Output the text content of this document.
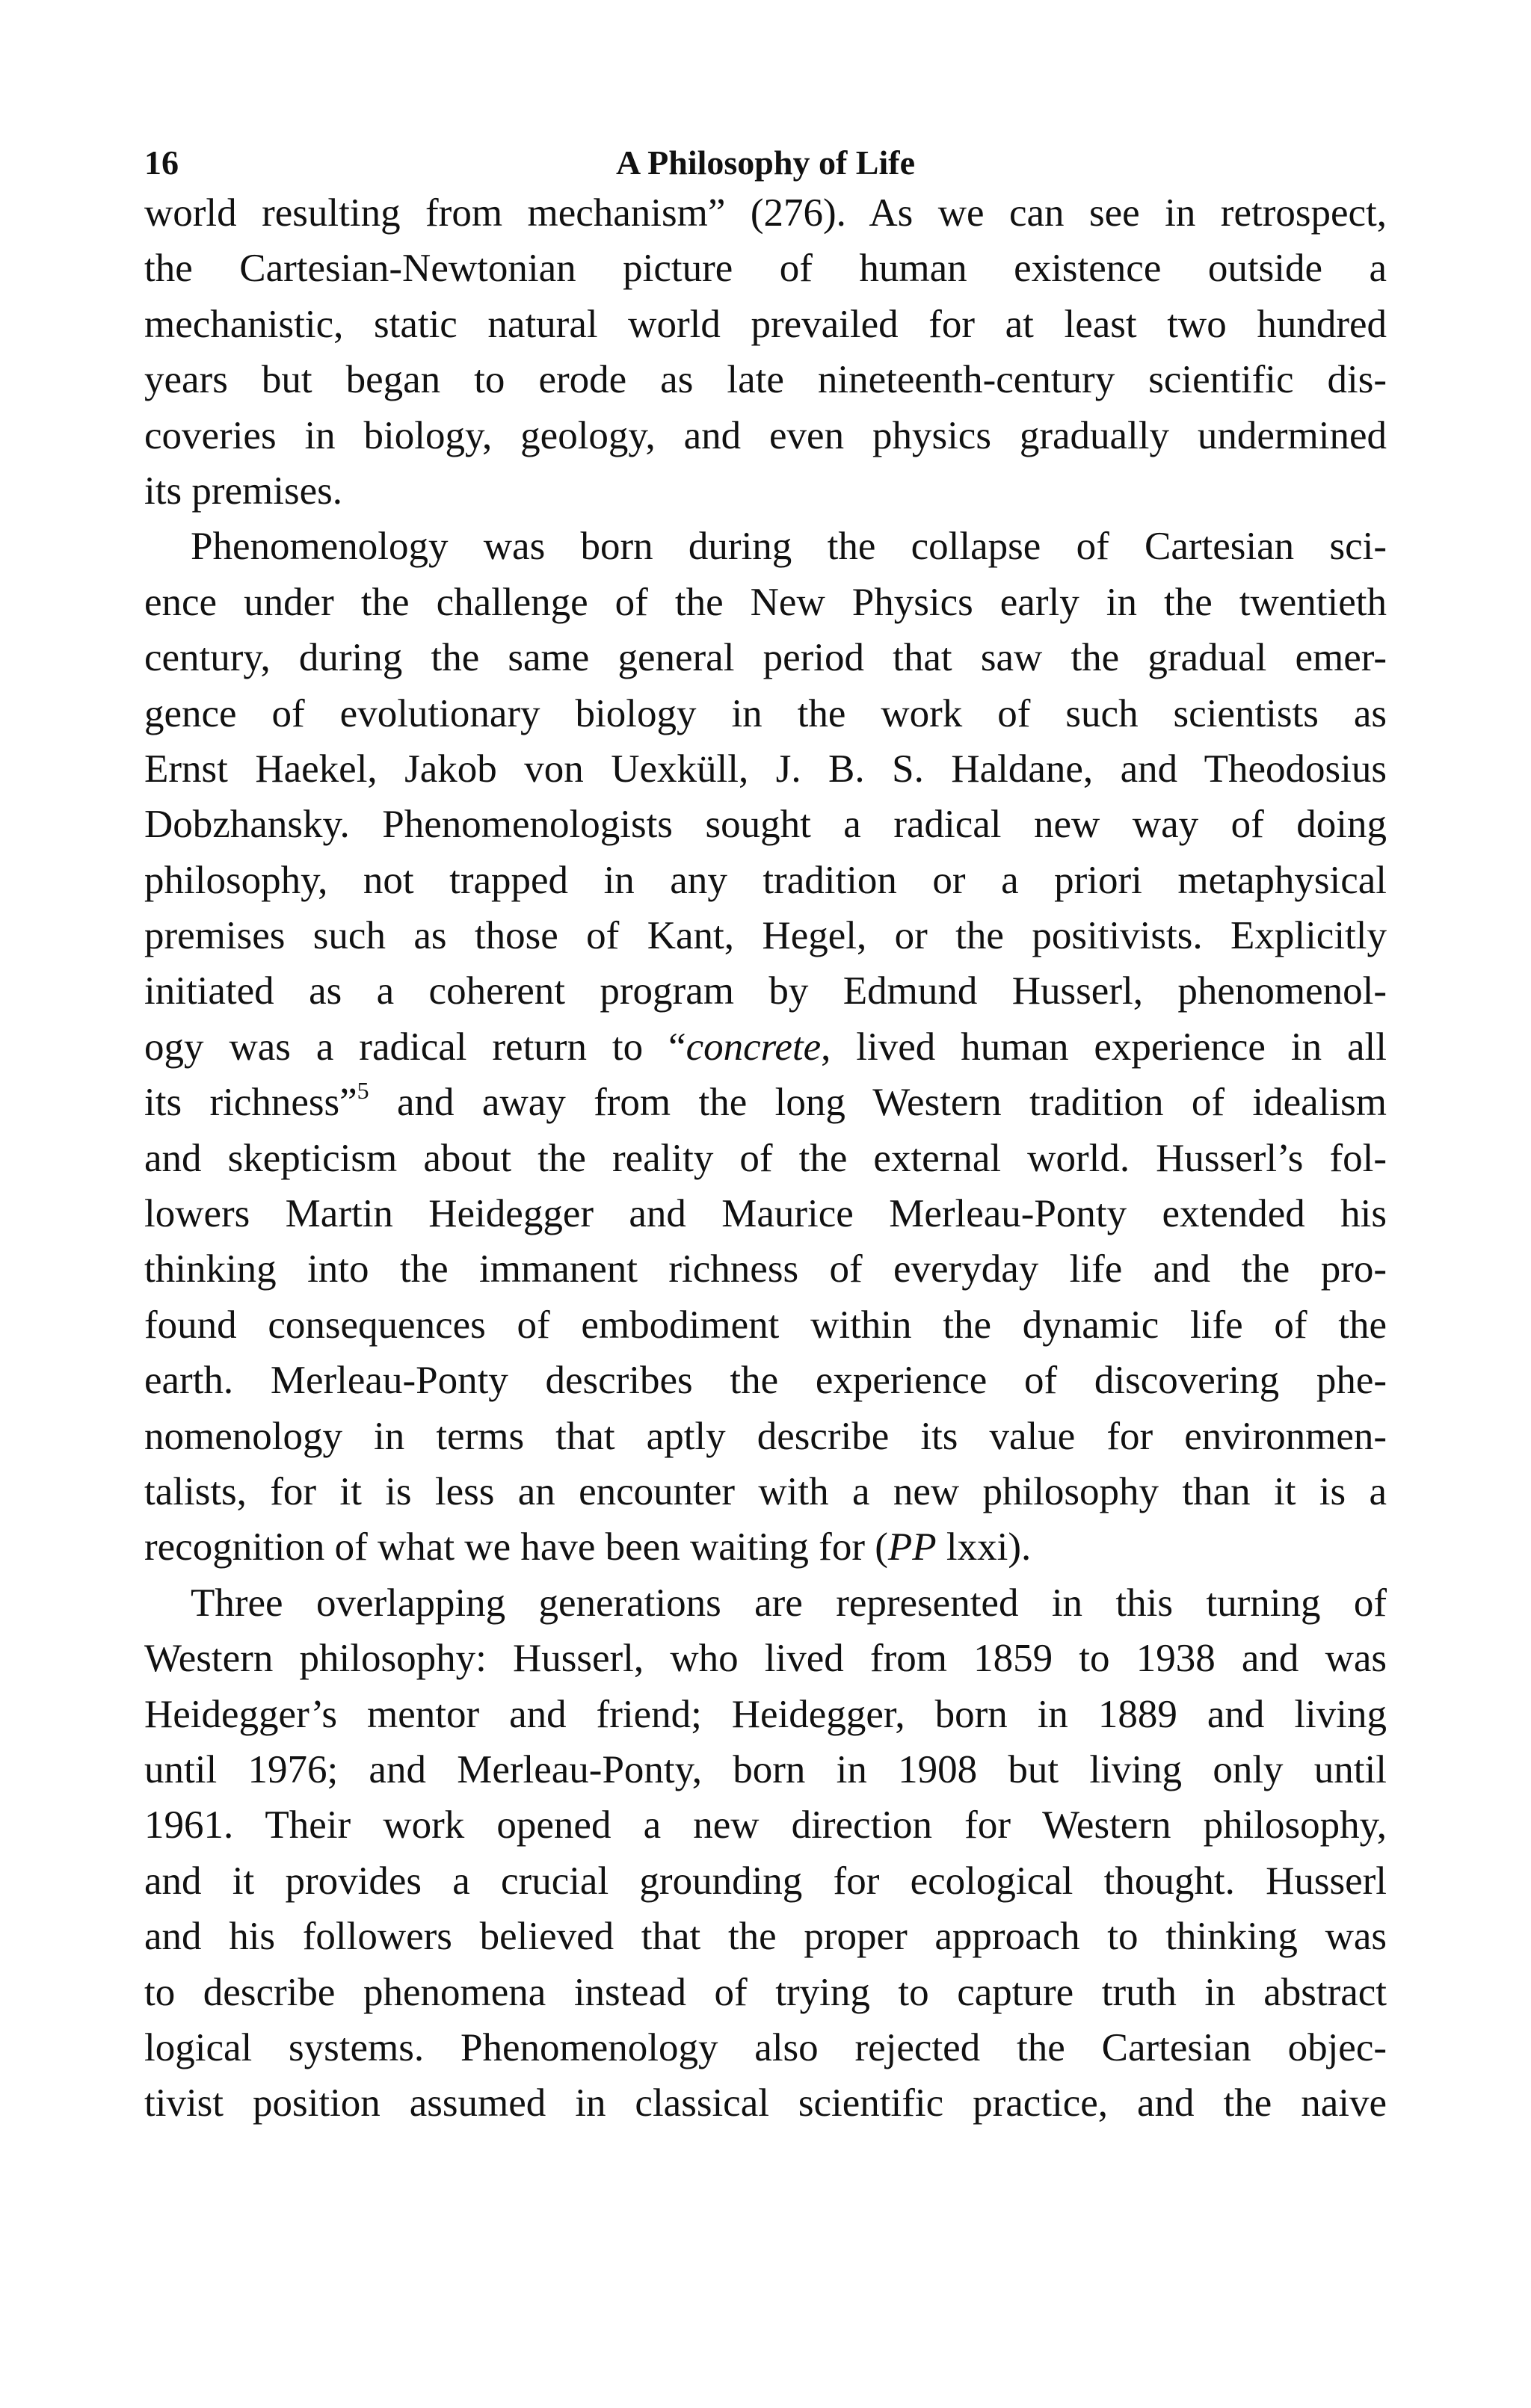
16	A Philosophy of Life
world resulting from mechanism” (276). As we can see in retrospect,
the Cartesian-Newtonian picture of human existence outside a
mechanistic, static natural world prevailed for at least two hundred
years but began to erode as late nineteenth-century scientific dis-
coveries in biology, geology, and even physics gradually undermined
its premises.
Phenomenology was born during the collapse of Cartesian sci-
ence under the challenge of the New Physics early in the twentieth
century, during the same general period that saw the gradual emer-
gence of evolutionary biology in the work of such scientists as
Ernst Haekel, Jakob von Uexküll, J. B. S. Haldane, and Theodosius
Dobzhansky. Phenomenologists sought a radical new way of doing
philosophy, not trapped in any tradition or a priori metaphysical
premises such as those of Kant, Hegel, or the positivists. Explicitly
initiated as a coherent program by Edmund Husserl, phenomenol-
ogy was a radical return to “concrete, lived human experience in all
its richness”$^5$ and away from the long Western tradition of idealism
and skepticism about the reality of the external world. Husserl’s fol-
lowers Martin Heidegger and Maurice Merleau-Ponty extended his
thinking into the immanent richness of everyday life and the pro-
found consequences of embodiment within the dynamic life of the
earth. Merleau-Ponty describes the experience of discovering phe-
nomenology in terms that aptly describe its value for environmen-
talists, for it is less an encounter with a new philosophy than it is a
recognition of what we have been waiting for (PP lxxi).
Three overlapping generations are represented in this turning of
Western philosophy: Husserl, who lived from 1859 to 1938 and was
Heidegger’s mentor and friend; Heidegger, born in 1889 and living
until 1976; and Merleau-Ponty, born in 1908 but living only until
1961. Their work opened a new direction for Western philosophy,
and it provides a crucial grounding for ecological thought. Husserl
and his followers believed that the proper approach to thinking was
to describe phenomena instead of trying to capture truth in abstract
logical systems. Phenomenology also rejected the Cartesian objec-
tivist position assumed in classical scientific practice, and the naive
